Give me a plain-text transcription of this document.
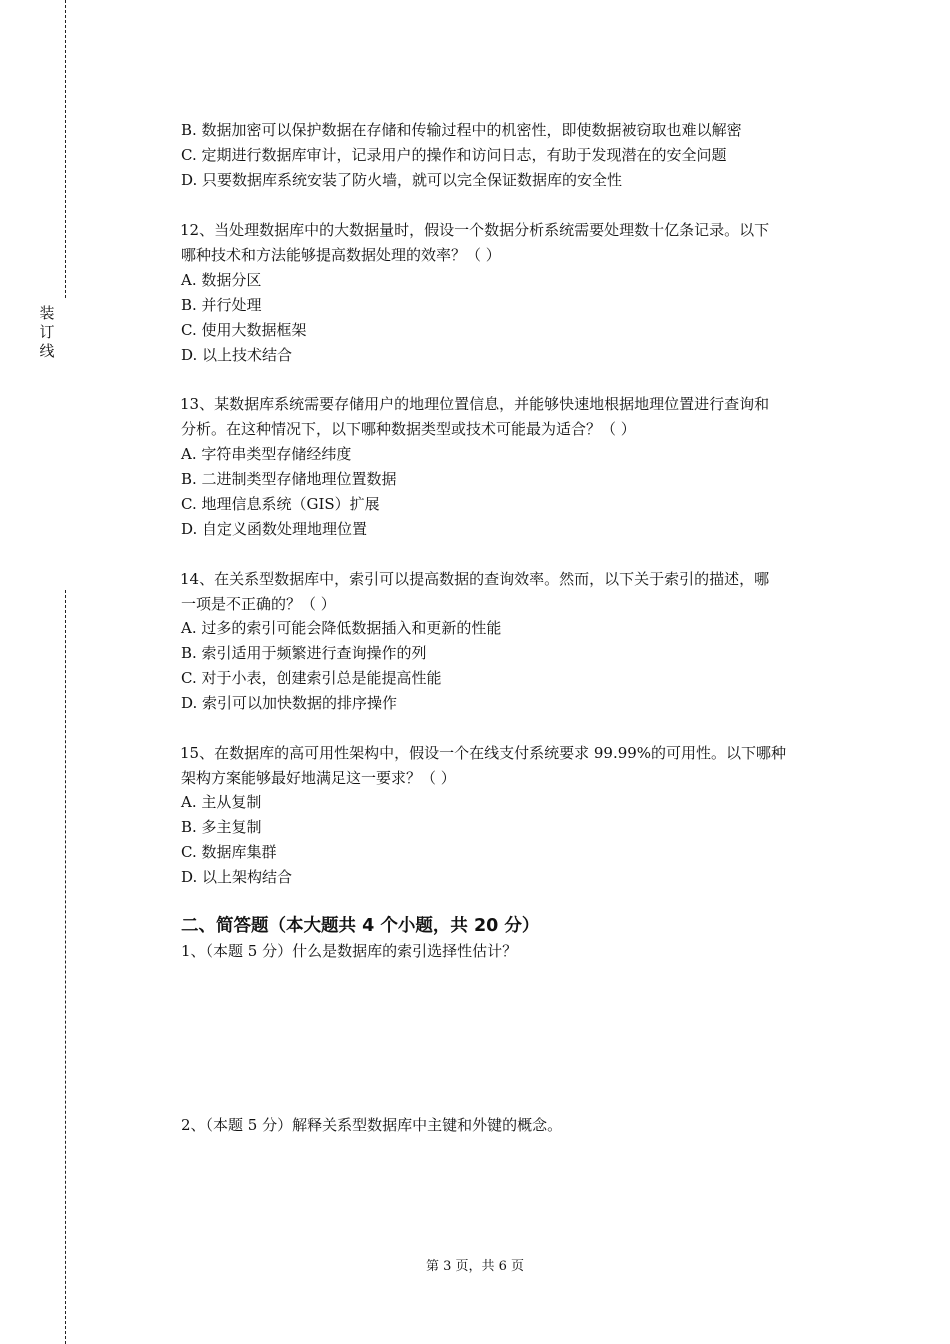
装
订
线
B. 数据加密可以保护数据在存储和传输过程中的机密性，即使数据被窃取也难以解密
C. 定期进行数据库审计，记录用户的操作和访问日志，有助于发现潜在的安全问题
D. 只要数据库系统安装了防火墙，就可以完全保证数据库的安全性
12、当处理数据库中的大数据量时，假设一个数据分析系统需要处理数十亿条记录。以下
哪种技术和方法能够提高数据处理的效率？（ ）
A. 数据分区
B. 并行处理
C. 使用大数据框架
D. 以上技术结合
13、某数据库系统需要存储用户的地理位置信息，并能够快速地根据地理位置进行查询和
分析。在这种情况下，以下哪种数据类型或技术可能最为适合？（ ）
A. 字符串类型存储经纬度
B. 二进制类型存储地理位置数据
C. 地理信息系统（GIS）扩展
D. 自定义函数处理地理位置
14、在关系型数据库中，索引可以提高数据的查询效率。然而，以下关于索引的描述，哪
一项是不正确的？（ ）
A. 过多的索引可能会降低数据插入和更新的性能
B. 索引适用于频繁进行查询操作的列
C. 对于小表，创建索引总是能提高性能
D. 索引可以加快数据的排序操作
15、在数据库的高可用性架构中，假设一个在线支付系统要求 99.99%的可用性。以下哪种
架构方案能够最好地满足这一要求？（ ）
A. 主从复制
B. 多主复制
C. 数据库集群
D. 以上架构结合
二、简答题（本大题共 4 个小题，共 20 分）
1、（本题 5 分）什么是数据库的索引选择性估计？
2、（本题 5 分）解释关系型数据库中主键和外键的概念。
第 3 页，共 6 页
